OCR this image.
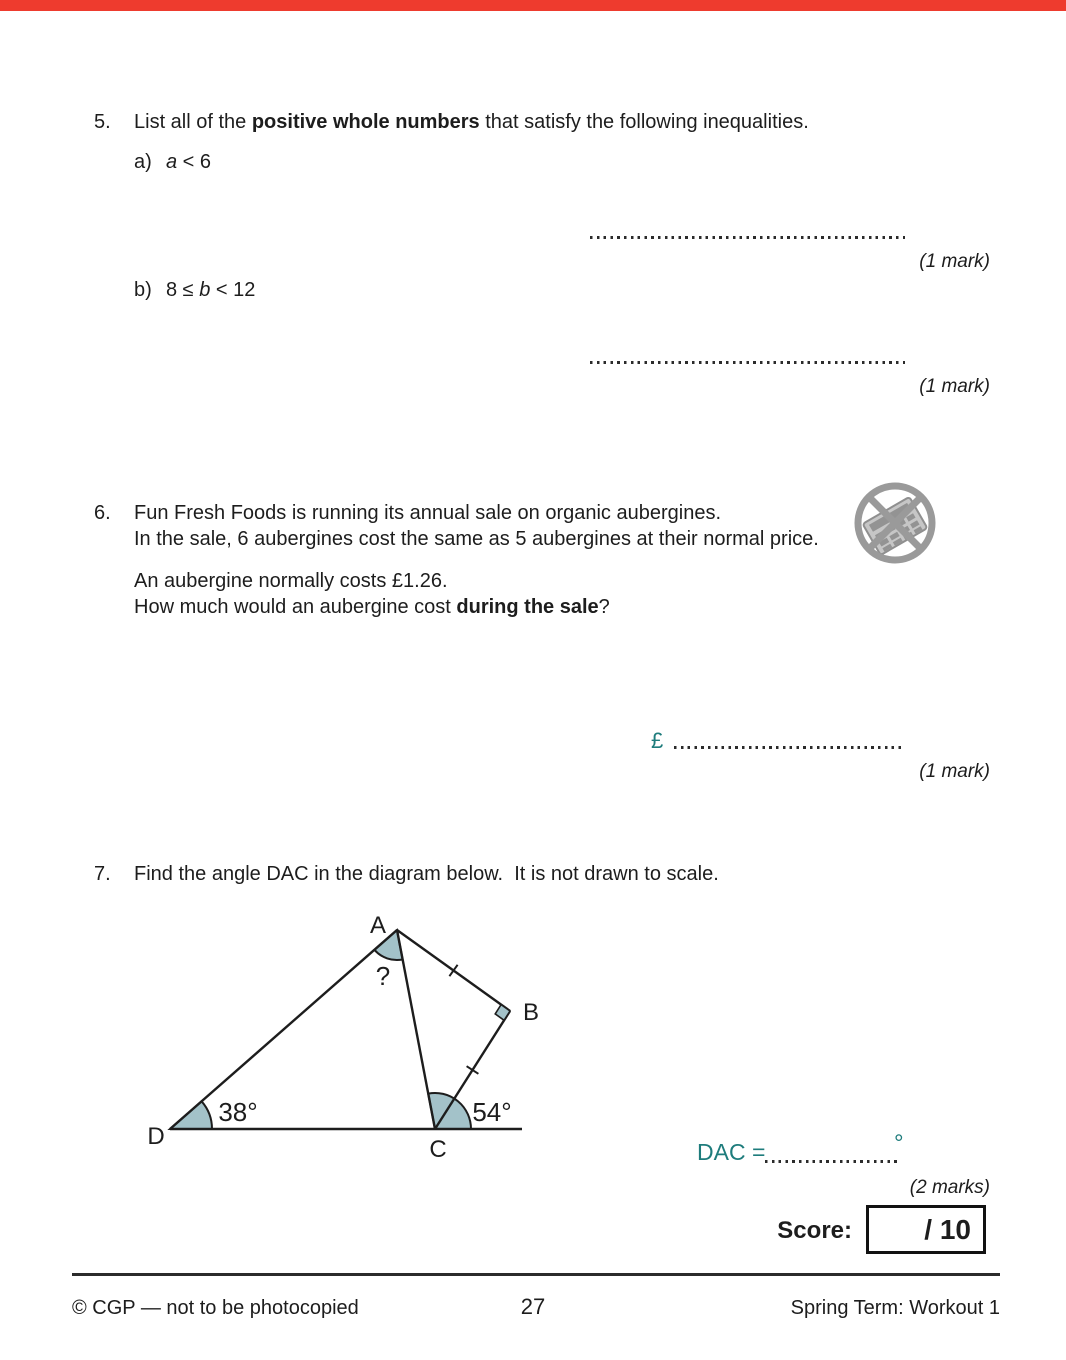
5. List all of the positive whole numbers that satisfy the following inequalities.
a) a < 6
(1 mark)
b) 8 ≤ b < 12
(1 mark)
6. Fun Fresh Foods is running its annual sale on organic aubergines.
In the sale, 6 aubergines cost the same as 5 aubergines at their normal price.
An aubergine normally costs £1.26.
How much would an aubergine cost during the sale?
£
(1 mark)
7. Find the angle DAC in the diagram below.  It is not drawn to scale.
A
B
C
D
38°	54°
?
DAC =	°
(2 marks)
Score:	/ 10
© CGP — not to be photocopied	27	Spring Term: Workout 1
